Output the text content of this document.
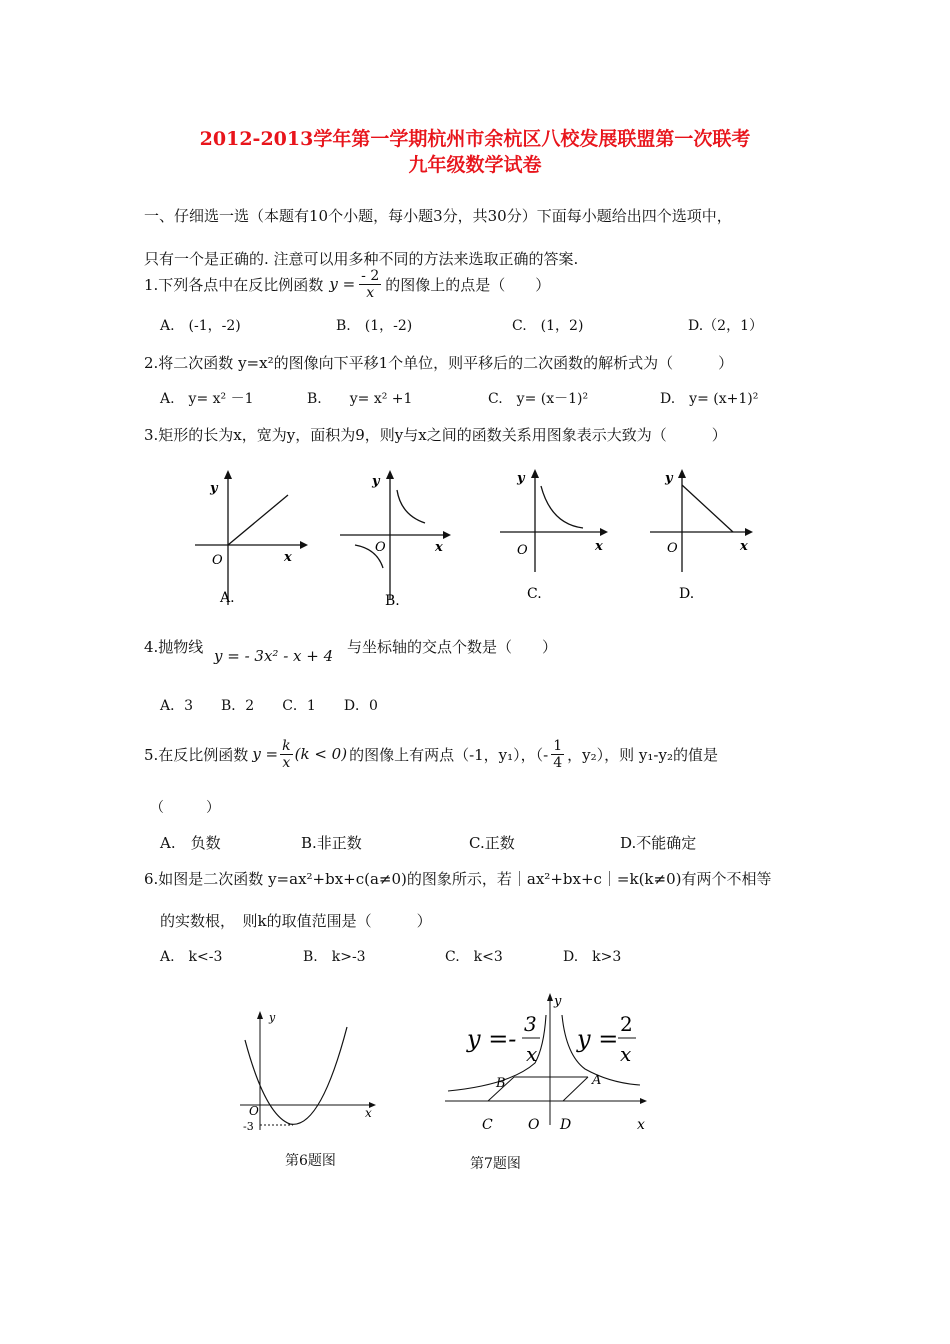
2012-2013学年第一学期杭州市余杭区八校发展联盟第一次联考
九年级数学试卷
一、仔细选一选（本题有10个小题，每小题3分，共30分）下面每小题给出四个选项中，
只有一个是正确的. 注意可以用多种不同的方法来选取正确的答案.
1.下列各点中在反比例函数 $y = \frac{- 2}{x}$ 的图像上的点是（　　）
A.　(-1，-2)	B.　(1，-2)	C.　(1，2)	D.（2，1）
2.将二次函数 y=x²的图像向下平移1个单位，则平移后的二次函数的解析式为（　　　）
A.　y= x² －1	B.　　y= x² +1	C.　y= (x－1)²	D.　y= (x+1)²
3.矩形的长为x，宽为y，面积为9，则y与x之间的函数关系用图象表示大致为（　　　）
y
x
O
A.
y
x
O
B.
y
x
O
C.
y
x
O
D.
4.抛物线 y = - 3x² - x + 4 与坐标轴的交点个数是（　　）
A．3　　B．2　　C．1　　D．0
5.在反比例函数 $y = \frac{k}{x} (k < 0)$ 的图像上有两点（-1，y₁），（- $\frac{1}{4}$ ，y₂），则 y₁-y₂的值是
（　　　）
A.　负数	B.非正数	C.正数	D.不能确定
6.如图是二次函数 y=ax²+bx+c(a≠0)的图象所示，若｜ax²+bx+c｜=k(k≠0)有两个不相等
的实数根，　则k的取值范围是（　　　）
A.　k<-3	B.　k>-3	C.　k<3	D.　k>3
y
x
O
-3
第6题图
y =-
3
x
y =
2
x
y
x
A
B
C	O D
第7题图
